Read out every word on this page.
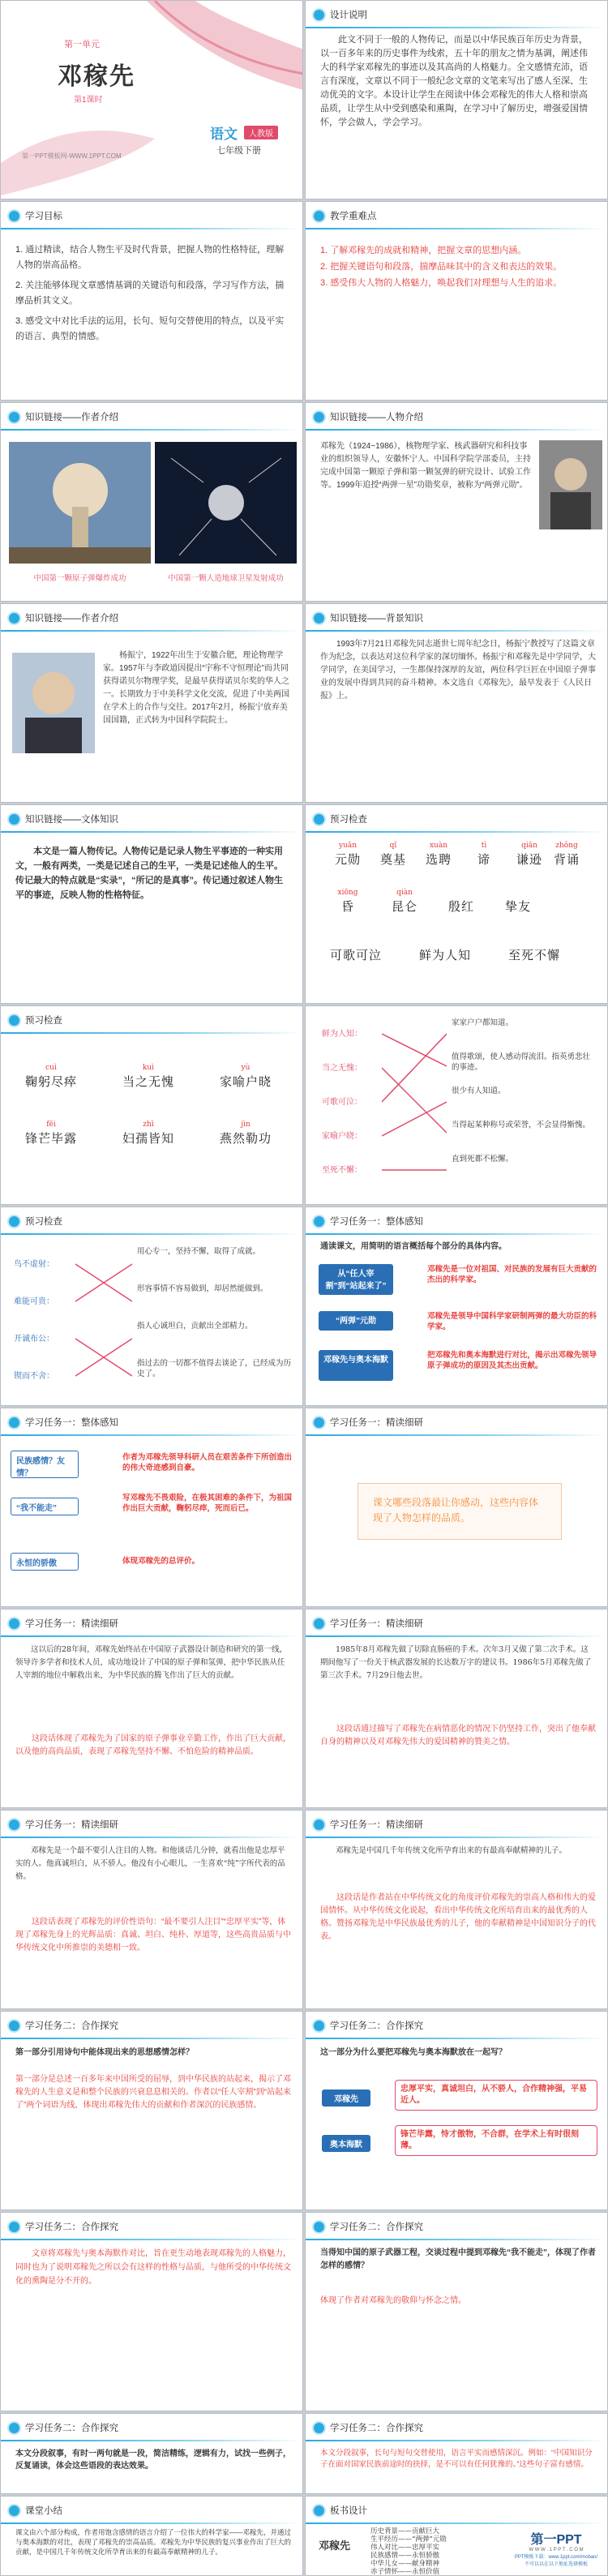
第一单元
邓稼先
第1课时
语文	人教版
七年级下册
第一PPT模板网-WWW.1PPT.COM
设计说明

此文不同于一般的人物传记，而是以中华民族百年历史为背景，以一百多年来的历史事件为线索，五十年的朋友之情为基调，阐述伟大的科学家邓稼先的事迹以及其高尚的人格魅力。全文感情充沛，语言有深度，文章以不同于一般纪念文章的文笔来写出了感人至深、生动优美的文字。本设计让学生在阅读中体会邓稼先的伟大人格和崇高品质，让学生从中受到感染和熏陶，在学习中了解历史，增强爱国情怀，学会做人，学会学习。

学习目标
1. 通过精读，结合人物生平及时代背景，把握人物的性格特征，理解人物的崇高品格。
2. 关注能够体现文章感情基调的关键语句和段落，学习写作方法，揣摩品析其文义。
3. 感受文中对比手法的运用，长句、短句交替使用的特点，以及平实的语言、典型的情感。
教学重难点
1. 了解邓稼先的成就和精神，把握文章的思想内涵。
2. 把握关键语句和段落，揣摩品味其中的含义和表达的效果。
3. 感受伟大人物的人格魅力，唤起我们对理想与人生的追求。
知识链接——作者介绍
中国第一颗原子弹爆炸成功	中国第一颗人造地球卫星发射成功
知识链接——人物介绍
邓稼先（1924~1986），核物理学家、核武器研究和科技事业的组织领导人，安徽怀宁人。中国科学院学部委员，主持完成中国第一颗原子弹和第一颗氢弹的研究设计、试验工作等。1999年追授“两弹一星”功勋奖章，被称为“两弹元勋”。
知识链接——作者介绍

杨振宁，1922年出生于安徽合肥，理论物理学家。1957年与李政道因提出“宇称不守恒理论”而共同获得诺贝尔物理学奖，是最早获得诺贝尔奖的华人之一。长期致力于中美科学文化交流，促进了中美两国在学术上的合作与交往。2017年2月，杨振宁放弃美国国籍，正式转为中国科学院院士。

知识链接——背景知识

1993年7月21日邓稼先同志逝世七周年纪念日，杨振宁教授写了这篇文章作为纪念，以表达对这位科学家的深切缅怀。杨振宁和邓稼先是中学同学，大学同学，在美国学习，一生都保持深厚的友谊，两位科学巨匠在中国原子弹事业的发展中得到共同的奋斗精神。本文选自《邓稼先》，最早发表于《人民日报》上。

知识链接——文体知识

本文是一篇人物传记。人物传记是记录人物生平事迹的一种实用文，一般有两类，一类是记述自己的生平，一类是记述他人的生平。传记最大的特点就是“实录”，“所记的是真事”。传记通过叙述人物生平的事迹，反映人物的性格特征。

预习检查
yuān
元勋
qǐ
奠基
xuàn
选聘
tì
谛
qiān
谦逊
zhǒng
背诵
xiōng
昏
qiàn
昆仑	殷红	挚友
可歌可泣	鲜为人知	至死不懈
预习检查
cuì
鞠躬尽瘁
kuì
当之无愧
yù
家喻户晓
fēi
锋芒毕露
zhī
妇孺皆知
jìn
燕然勒功
鲜为人知：
当之无愧：
可歌可泣：
家喻户晓：
至死不懈：
家家户户都知道。
值得歌颂，使人感动得流泪。指英勇悲壮的事迹。
很少有人知道。
当得起某种称号或荣誉，不会显得惭愧。
直到死都不松懈。
预习检查
鸟不虚射：
难能可贵：
开诚布公：
锲而不舍：
用心专一，坚持不懈，取得了成就。
形容事情不容易做到，却居然能做到。
指人心诚坦白，贡献出全部精力。
指过去的一切都不值得去谈论了，已经成为历史了。
学习任务一：整体感知
通读课文，用简明的语言概括每个部分的具体内容。
从“任人宰割”到“站起来了”
邓稼先是一位对祖国、对民族的发展有巨大贡献的杰出的科学家。
“两弹”元勋
邓稼先是领导中国科学家研制两弹的最大功臣的科学家。
邓稼先与奥本海默
把邓稼先和奥本海默进行对比，揭示出邓稼先领导原子弹成功的原因及其杰出贡献。
学习任务一：整体感知
民族感情？友情？
作者为邓稼先领导科研人员在艰苦条件下所创造出的伟大奇迹感到自豪。
“我不能走”
写邓稼先不畏艰险，在极其困难的条件下，为祖国作出巨大贡献，鞠躬尽瘁，死而后已。
永恒的骄傲	体现邓稼先的总评价。
学习任务一：精读细研
课文哪些段落最让你感动，这些内容体现了人物怎样的品质。
学习任务一：精读细研

这以后的28年间，邓稼先始终站在中国原子武器设计制造和研究的第一线，领导许多学者和技术人员，成功地设计了中国的原子弹和氢弹，把中华民族从任人宰割的地位中解救出来，为中华民族的腾飞作出了巨大的贡献。

这段话体现了邓稼先为了国家的原子弹事业辛勤工作，作出了巨大贡献，以及他的高尚品质，表现了邓稼先坚持不懈、不怕危险的精神品质。

学习任务一：精读细研

1985年8月邓稼先做了切除直肠癌的手术。次年3月又做了第二次手术。这期间他写了一份关于核武器发展的长达数万字的建议书。1986年5月邓稼先做了第三次手术。7月29日他去世。

这段话通过描写了邓稼先在病情恶化的情况下仍坚持工作，突出了他奉献自身的精神以及对邓稼先伟大的爱国精神的赞美之情。

学习任务一：精读细研

邓稼先是一个最不要引人注目的人物。和他谈话几分钟，就看出他是忠厚平实的人。他真诚坦白，从不骄人。他没有小心眼儿，一生喜欢“纯”字所代表的品格。

这段话表现了邓稼先的评价性语句：“最不要引人注目”“忠厚平实”等，体现了邓稼先身上的光辉品质：真诚、坦白、纯朴、厚道等，这些高贵品质与中华传统文化中所推崇的美德相一致。

学习任务一：精读细研

邓稼先是中国几千年传统文化所孕育出来的有最高奉献精神的儿子。

这段话是作者站在中华传统文化的角度评价邓稼先的崇高人格和伟大的爱国情怀。从中华传统文化说起，看出中华传统文化所培育出来的最优秀的人格。赞扬邓稼先是中华民族最优秀的儿子，他的奉献精神是中国知识分子的代表。

学习任务二：合作探究
第一部分引用诗句中能体现出来的思想感情怎样？
第一部分是总述一百多年来中国所受的屈辱，到中华民族的站起来，揭示了邓稼先的人生意义是和整个民族的兴衰息息相关的。作者以“任人宰割”到“站起来了”两个词语为线，体现出邓稼先伟大的贡献和作者深沉的民族感情。
学习任务二：合作探究
这一部分为什么要把邓稼先与奥本海默放在一起写？
邓稼先
忠厚平实，真诚坦白，从不骄人，合作精神强，平易近人。
奥本海默
锋芒毕露，恃才傲物，不合群，在学术上有时很刻薄。
学习任务二：合作探究

文章将邓稼先与奥本海默作对比，旨在更生动地表现邓稼先的人格魅力，同时也为了说明邓稼先之所以会有这样的性格与品质，与他所受的中华传统文化的熏陶是分不开的。

学习任务二：合作探究
当得知中国的原子武器工程，交谈过程中提到邓稼先“我不能走”，体现了作者怎样的感情？
体现了作者对邓稼先的敬仰与怀念之情。
学习任务二：合作探究
本文分段叙事，有时一两句就是一段，简洁精练，逻辑有力，试找一些例子，反复诵读，体会这些语段的表达效果。
学习任务二：合作探究
本文分段叙事，长句与短句交替使用，语言平实而感情深沉。例如：“中国知识分子在面对国家民族前途时的抉择，是不可以有任何犹豫的。”这些句子富有感情。
课堂小结
课文由六个部分构成，作者用饱含感情的语言介绍了一位伟大的科学家——邓稼先，并通过与奥本海默的对比，表现了邓稼先的崇高品质。邓稼先为中华民族的复兴事业作出了巨大的贡献，是中国几千年传统文化所孕育出来的有最高奉献精神的儿子。
板书设计
邓稼先
历史背景——贡献巨大
生平经历——“两弹”元勋
伟人对比——忠厚平实
民族感情——永恒骄傲
中华儿女——献身精神
赤子情怀——永恒价值
第一PPT
W W W . 1 P P T . C O M
PPT模板下载：www.1ppt.com/moban/
不可以以在以下地址选择模板
